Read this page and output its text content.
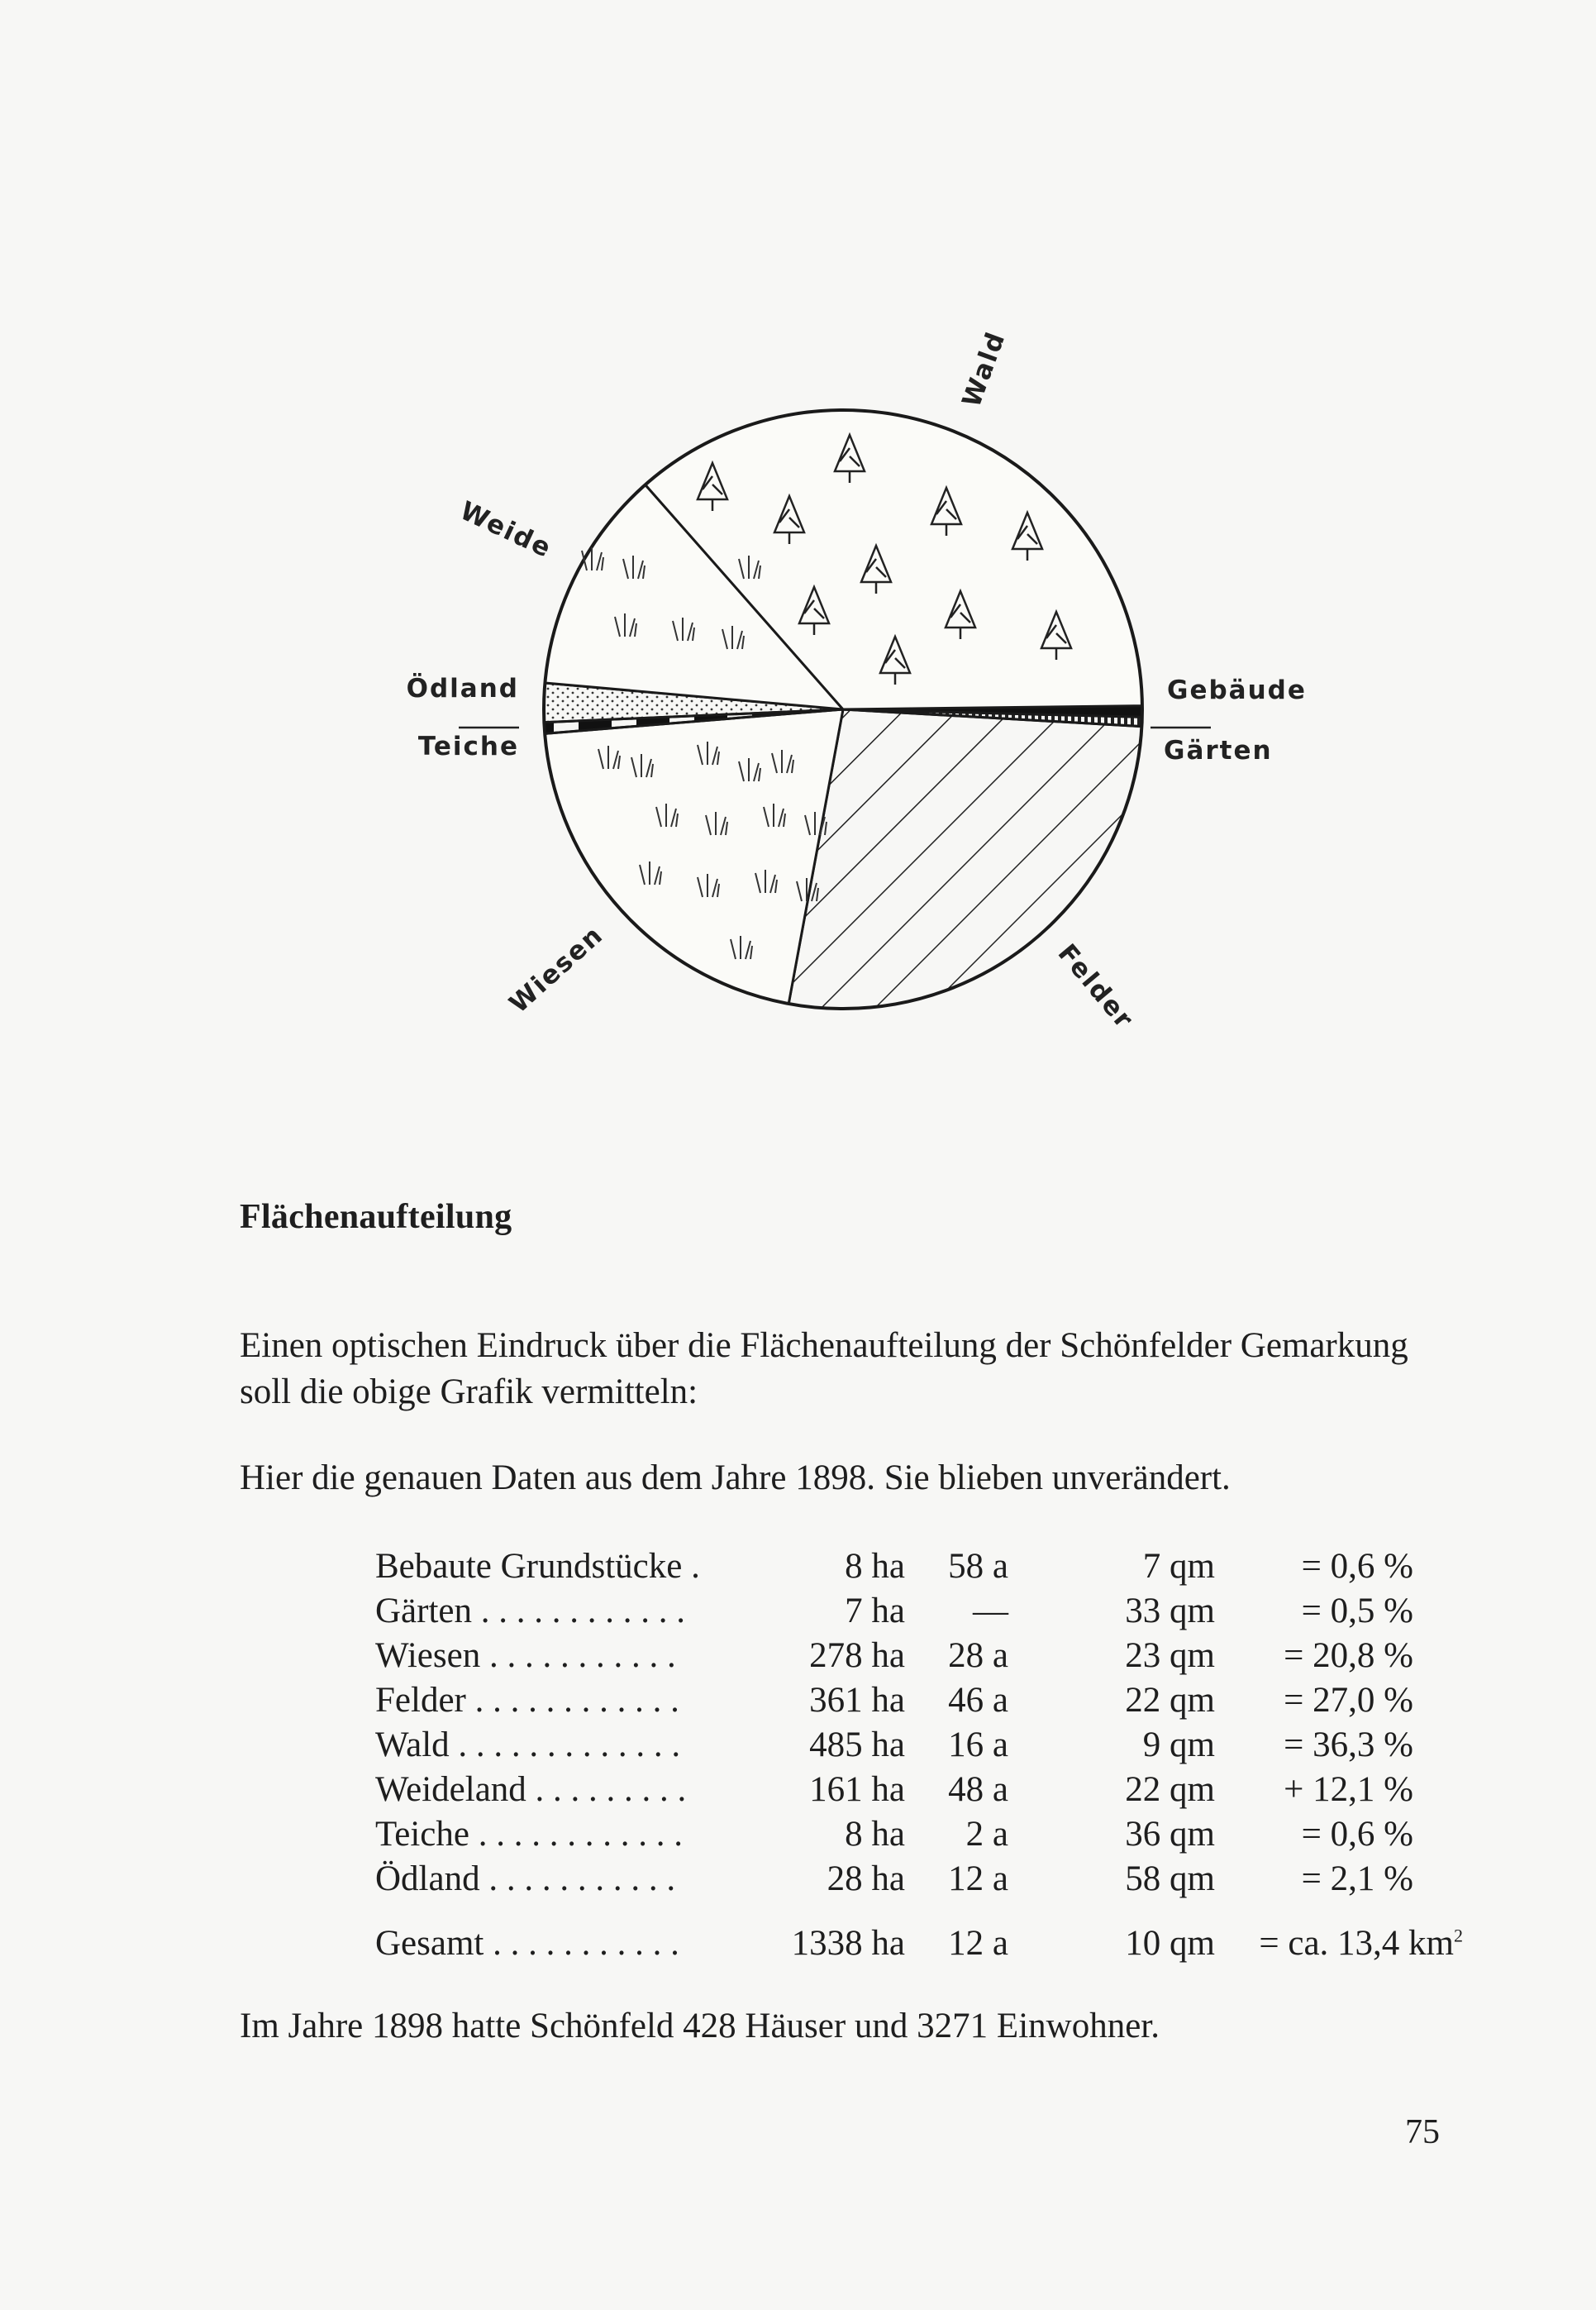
Gebäude
Gärten
Felder
Wiesen
Teiche
Ödland
Weide
Wald
Flächenaufteilung

Einen optischen Eindruck über die Flächenaufteilung der Schönfelder Gemarkung soll die obige Grafik vermitteln:

Hier die genauen Daten aus dem Jahre 1898. Sie blieben unverändert.

Bebaute Grundstücke .	8 ha	58 a	7 qm	= 0,6 %
Gärten . . . . . . . . . . . .	7 ha	—	33 qm	= 0,5 %
Wiesen . . . . . . . . . . .	278 ha	28 a	23 qm	= 20,8 %
Felder . . . . . . . . . . . .	361 ha	46 a	22 qm	= 27,0 %
Wald . . . . . . . . . . . . .	485 ha	16 a	9 qm	= 36,3 %
Weideland . . . . . . . . .	161 ha	48 a	22 qm	+ 12,1 %
Teiche . . . . . . . . . . . .	8 ha	2 a	36 qm	= 0,6 %
Ödland . . . . . . . . . . .	28 ha	12 a	58 qm	= 2,1 %
Gesamt . . . . . . . . . . .	1338 ha	12 a	10 qm	= ca. 13,4 $km^2$

Im Jahre 1898 hatte Schönfeld 428 Häuser und 3271 Einwohner.

75
